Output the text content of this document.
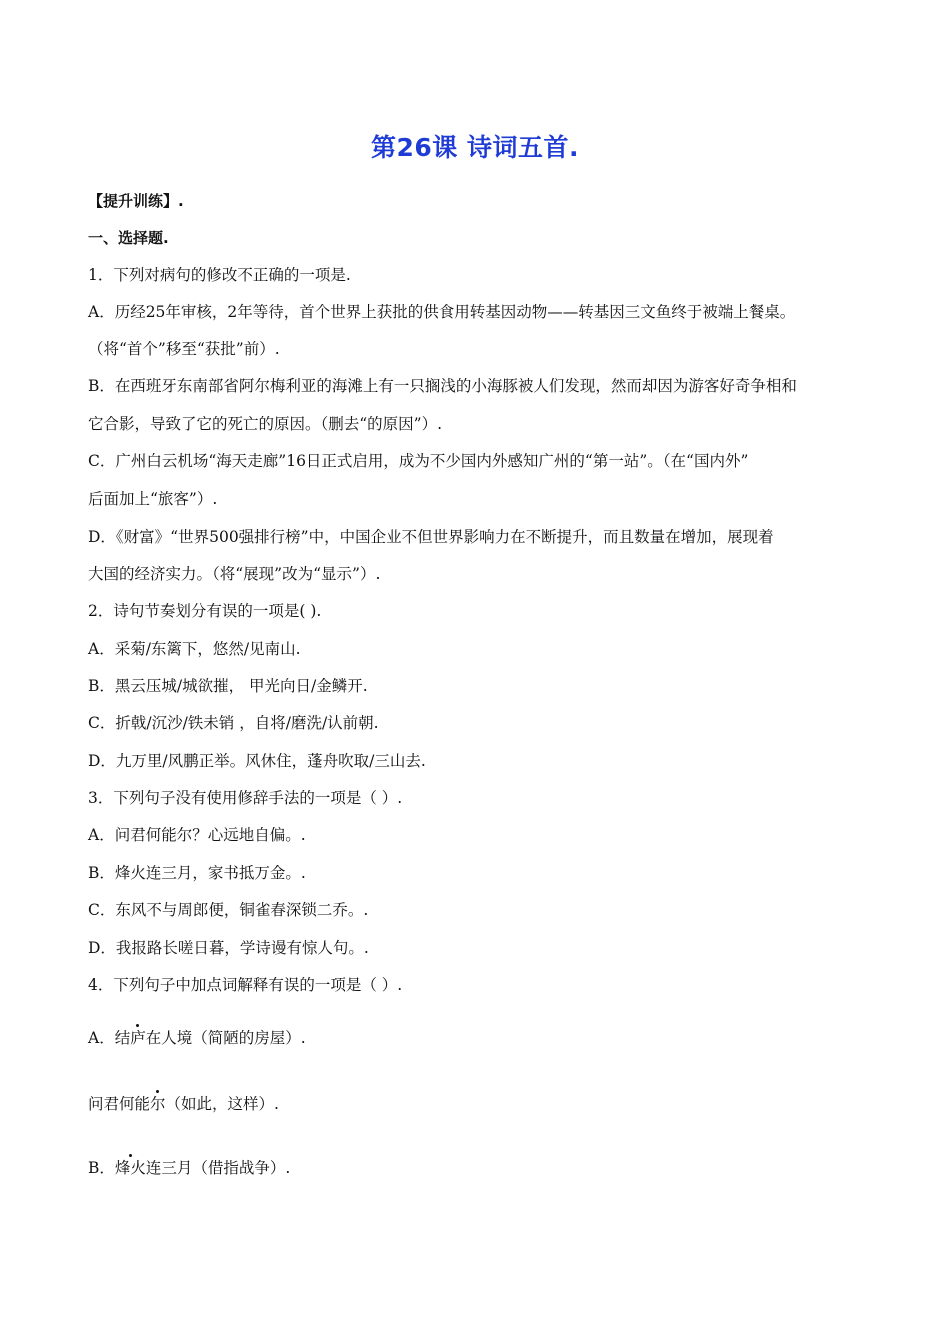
第26课 诗词五首.
【提升训练】.
一、选择题.
1．下列对病句的修改不正确的一项是.
A．历经25年审核，2年等待，首个世界上获批的供食用转基因动物——转基因三文鱼终于被端上餐桌。
（将“首个”移至“获批”前）.
B．在西班牙东南部省阿尔梅利亚的海滩上有一只搁浅的小海豚被人们发现，然而却因为游客好奇争相和
它合影，导致了它的死亡的原因。（删去“的原因”）.
C．广州白云机场“海天走廊”16日正式启用，成为不少国内外感知广州的“第一站”。（在“国内外”
后面加上“旅客”）.
D．《财富》“世界500强排行榜”中，中国企业不但世界影响力在不断提升，而且数量在增加，展现着
大国的经济实力。（将“展现”改为“显示”）.
2．诗句节奏划分有误的一项是( ).
A．采菊/东篱下，悠然/见南山.
B．黑云压城/城欲摧， 甲光向日/金鳞开.
C．折戟/沉沙/铁未销 ，自将/磨洗/认前朝.
D．九万里/风鹏正举。风休住，蓬舟吹取/三山去.
3．下列句子没有使用修辞手法的一项是（ ）.
A．问君何能尔？心远地自偏。.
B．烽火连三月，家书抵万金。.
C．东风不与周郎便，铜雀春深锁二乔。.
D．我报路长嗟日暮，学诗谩有惊人句。.
4．下列句子中加点词解释有误的一项是（ ）.
A．结庐在人境（简陋的房屋）.
问君何能尔（如此，这样）.
B．烽火连三月（借指战争）.
